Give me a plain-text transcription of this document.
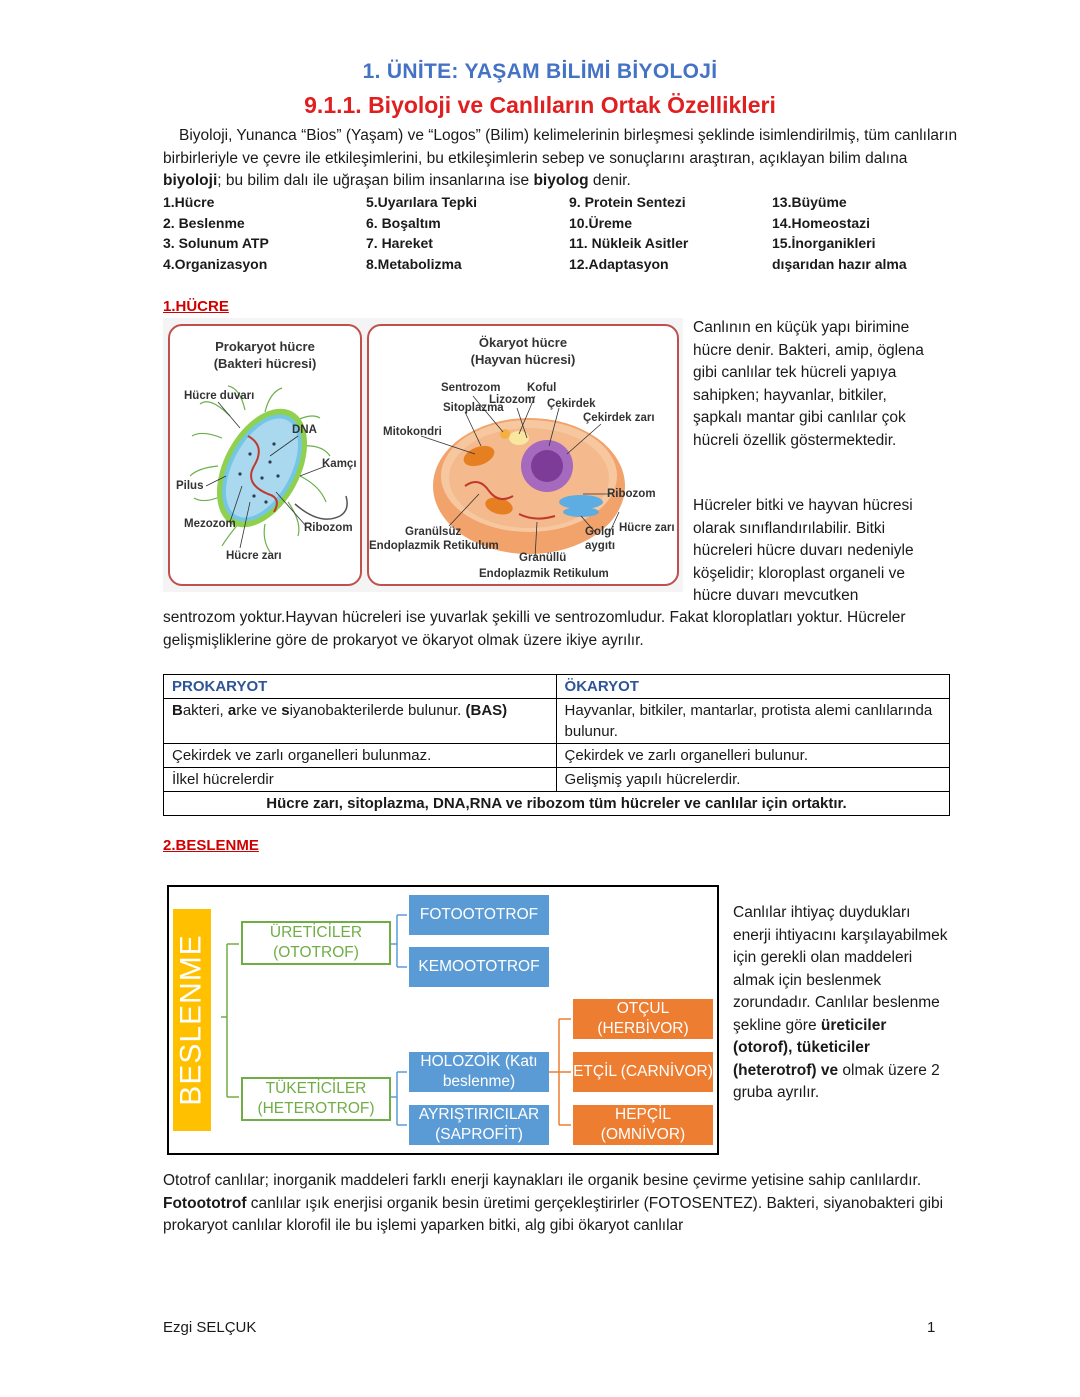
1. ÜNİTE: YAŞAM BİLİMİ BİYOLOJİ
9.1.1. Biyoloji ve Canlıların Ortak Özellikleri
Biyoloji, Yunanca “Bios” (Yaşam) ve “Logos” (Bilim) kelimelerinin birleşmesi şeklinde isimlendirilmiş, tüm canlıların birbirleriyle ve çevre ile etkileşimlerini, bu etkileşimlerin sebep ve sonuçlarını araştıran, açıklayan bilim dalına biyoloji; bu bilim dalı ile uğraşan bilim insanlarına ise biyolog denir.
1.Hücre
2. Beslenme
3. Solunum ATP
4.Organizasyon
5.Uyarılara Tepki
6. Boşaltım
7. Hareket
8.Metabolizma
9. Protein Sentezi
10.Üreme
11. Nükleik Asitler
12.Adaptasyon
13.Büyüme
14.Homeostazi
15.İnorganikleri
dışarıdan hazır alma
1.HÜCRE
Prokaryot hücre
(Bakteri hücresi)
Hücre duvarı
DNA
Kamçı
Pilus
Mezozom	Ribozom
Hücre zarı
Ökaryot hücre
(Hayvan hücresi)
Sentrozom Koful
Lizozom Çekirdek
Sitoplazma
Çekirdek zarı
Mitokondri
Ribozom
Hücre zarı
Granülsüz
Endoplazmik Retikulum
Golgi
aygıtı
Granüllü
Endoplazmik Retikulum
Canlının en küçük yapı birimine hücre denir. Bakteri, amip, öglena gibi canlılar tek hücreli yapıya sahipken; hayvanlar, bitkiler, şapkalı mantar gibi canlılar çok hücreli özellik göstermektedir.
Hücreler bitki ve hayvan hücresi olarak sınıflandırılabilir. Bitki hücreleri hücre duvarı nedeniyle köşelidir; kloroplast organeli ve hücre duvarı mevcutken
sentrozom yoktur.Hayvan hücreleri ise yuvarlak şekilli ve sentrozomludur. Fakat kloroplatları yoktur. Hücreler gelişmişliklerine göre de prokaryot ve ökaryot olmak üzere ikiye ayrılır.
PROKARYOT	ÖKARYOT
Bakteri, arke ve siyanobakterilerde bulunur. (BAS)	Hayvanlar, bitkiler, mantarlar, protista alemi canlılarında bulunur.
Çekirdek ve zarlı organelleri bulunmaz.	Çekirdek ve zarlı organelleri bulunur.
İlkel hücrelerdir	Gelişmiş yapılı hücrelerdir.
Hücre zarı, sitoplazma, DNA,RNA ve ribozom tüm hücreler ve canlılar için ortaktır.	
2.BESLENME
BESLENME
ÜRETİCİLER (OTOTROF)
TÜKETİCİLER (HETEROTROF)
FOTOOTOTROF
KEMOOTOTROF
HOLOZOİK (Katı beslenme)
AYRIŞTIRICILAR (SAPROFİT)
OTÇUL (HERBİVOR)
ETÇİL (CARNİVOR)
HEPÇİL (OMNİVOR)
Canlılar ihtiyaç duydukları enerji ihtiyacını karşılayabilmek için gerekli olan maddeleri almak için beslenmek zorundadır. Canlılar beslenme şekline göre üreticiler (otorof), tüketiciler (heterotrof) ve olmak üzere 2 gruba ayrılır.
Ototrof canlılar; inorganik maddeleri farklı enerji kaynakları ile organik besine çevirme yetisine sahip canlılardır. Fotoototrof canlılar ışık enerjisi organik besin üretimi gerçekleştirirler (FOTOSENTEZ). Bakteri, siyanobakteri gibi prokaryot canlılar klorofil ile bu işlemi yaparken bitki, alg gibi ökaryot canlılar
Ezgi SELÇUK	1
